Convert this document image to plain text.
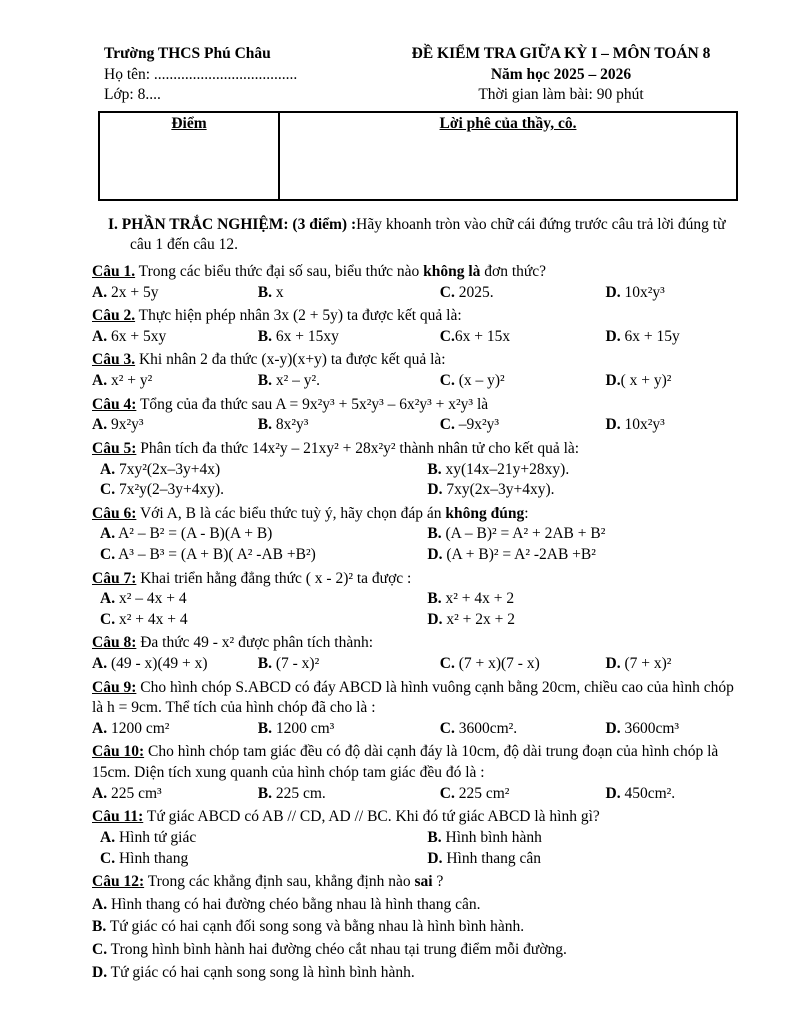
Trường THCS Phú Châu
Họ tên: .....................................
Lớp: 8....
ĐỀ KIỂM TRA GIỮA KỲ I – MÔN TOÁN 8
Năm học 2025 – 2026
Thời gian làm bài: 90 phút
Điểm	Lời phê của thầy, cô.

I. PHẦN TRẮC NGHIỆM: (3 điểm) :Hãy khoanh tròn vào chữ cái đứng trước câu trả lời đúng từ câu 1 đến câu 12.

Câu 1. Trong các biểu thức đại số sau, biểu thức nào không là đơn thức?
A. 2x + 5y	B. x	C. 2025.	D. 10x²y³
Câu 2. Thực hiện phép nhân 3x (2 + 5y) ta được kết quả là:
A. 6x + 5xy	B. 6x + 15xy	C.6x + 15x	D. 6x + 15y
Câu 3. Khi nhân 2 đa thức (x-y)(x+y) ta được kết quả là:
A. x² + y²	B. x² – y².	C. (x – y)²	D.( x + y)²
Câu 4: Tổng của đa thức sau A = 9x²y³ + 5x²y³ – 6x²y³ + x²y³ là
A. 9x²y³	B. 8x²y³	C. –9x²y³	D. 10x²y³
Câu 5: Phân tích đa thức 14x²y – 21xy² + 28x²y² thành nhân tử cho kết quả là:
A. 7xy²(2x–3y+4x)	B. xy(14x–21y+28xy).
C. 7x²y(2–3y+4xy).	D. 7xy(2x–3y+4xy).
Câu 6: Với A, B là các biểu thức tuỳ ý, hãy chọn đáp án không đúng:
A. A² – B² = (A - B)(A + B)	B. (A – B)² = A² + 2AB + B²
C. A³ – B³ = (A + B)( A² -AB +B²)	D. (A + B)² = A² -2AB +B²
Câu 7: Khai triển hằng đẳng thức ( x - 2)² ta được :
A. x² – 4x + 4	B. x² + 4x + 2
C. x² + 4x + 4	D. x² + 2x + 2
Câu 8: Đa thức 49 - x² được phân tích thành:
A. (49 - x)(49 + x)	B. (7 - x)²	C. (7 + x)(7 - x)	D. (7 + x)²
Câu 9: Cho hình chóp S.ABCD có đáy ABCD là hình vuông cạnh bằng 20cm, chiều cao của hình chóp là h = 9cm. Thể tích của hình chóp đã cho là :
A. 1200 cm²	B. 1200 cm³	C. 3600cm².	D. 3600cm³
Câu 10: Cho hình chóp tam giác đều có độ dài cạnh đáy là 10cm, độ dài trung đoạn của hình chóp là 15cm. Diện tích xung quanh của hình chóp tam giác đều đó là :
A. 225 cm³	B. 225 cm.	C. 225 cm²	D. 450cm².
Câu 11: Tứ giác ABCD có AB // CD, AD // BC. Khi đó tứ giác ABCD là hình gì?
A. Hình tứ giác	B. Hình bình hành
C. Hình thang	D. Hình thang cân
Câu 12: Trong các khẳng định sau, khẳng định nào sai ?
A. Hình thang có hai đường chéo bằng nhau là hình thang cân.
B. Tứ giác có hai cạnh đối song song và bằng nhau là hình bình hành.
C. Trong hình bình hành hai đường chéo cắt nhau tại trung điểm mỗi đường.
D. Tứ giác có hai cạnh song song là hình bình hành.
